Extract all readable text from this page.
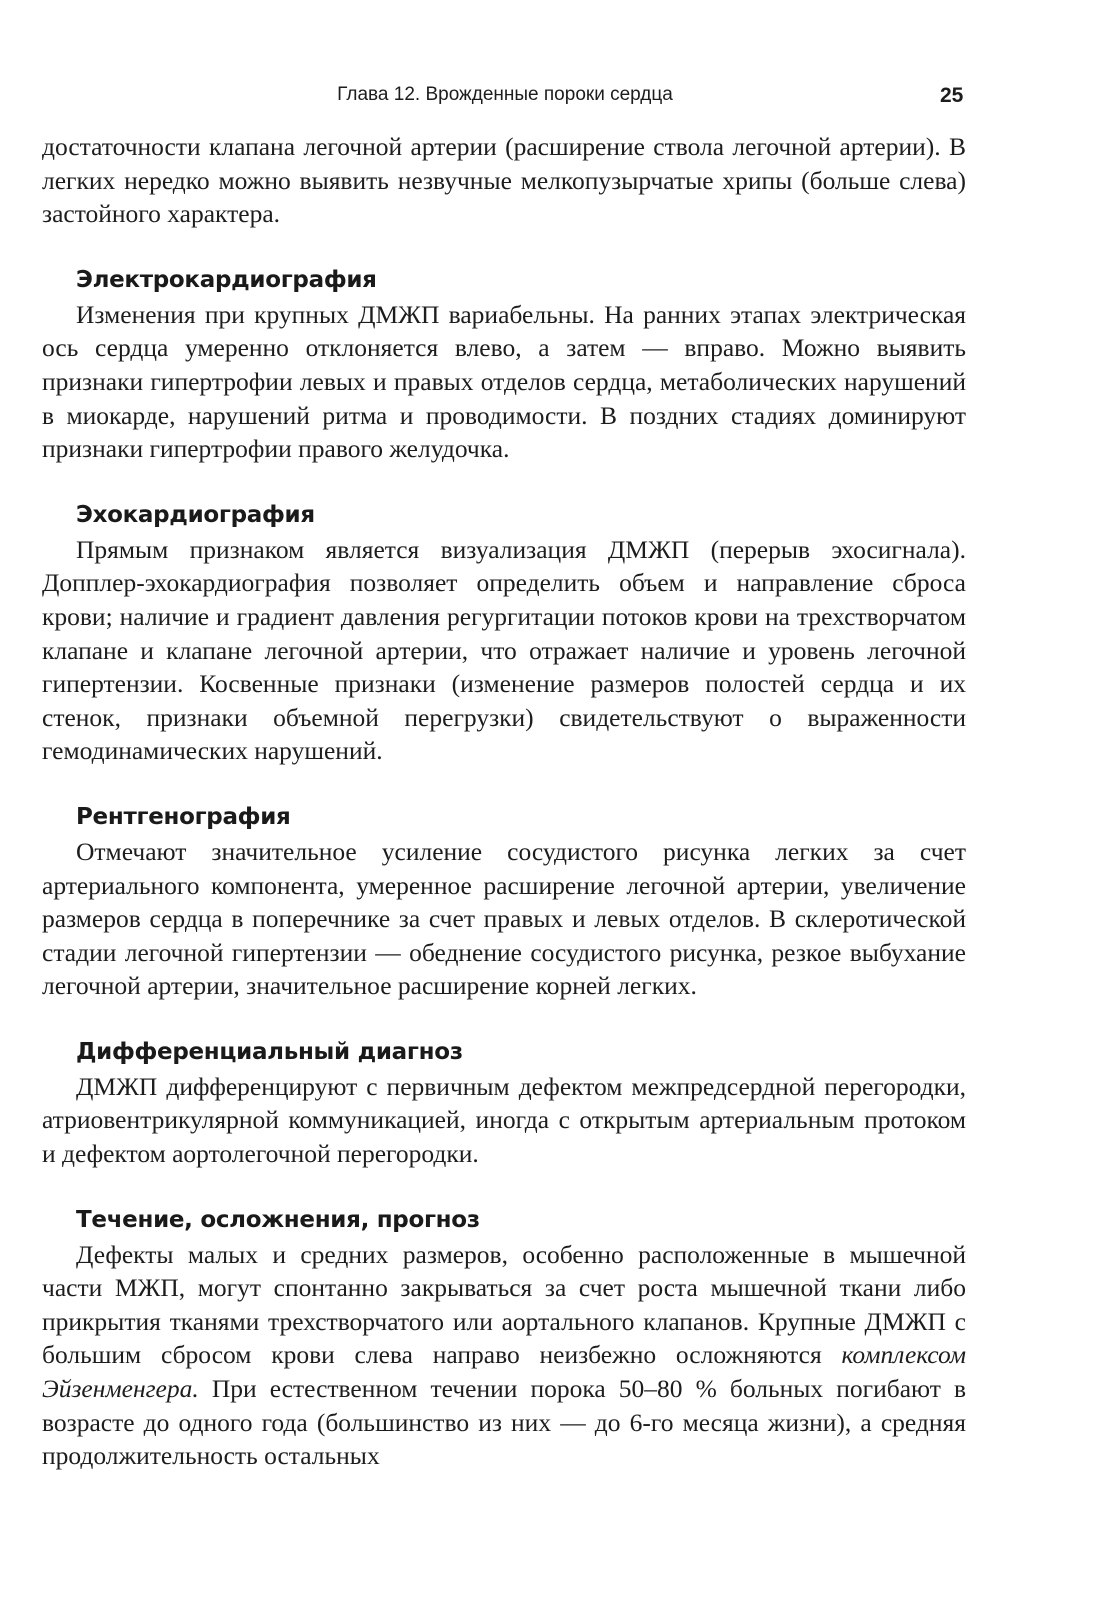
Глава 12. Врожденные пороки сердца	25

достаточности клапана легочной артерии (расширение ствола легочной артерии). В легких нередко можно выявить незвучные мелкопузырчатые хрипы (больше слева) застойного характера.

Электрокардиография

Изменения при крупных ДМЖП вариабельны. На ранних этапах электрическая ось сердца умеренно отклоняется влево, а затем — вправо. Можно выявить признаки гипертрофии левых и правых отделов сердца, метаболических нарушений в миокарде, нарушений ритма и проводимости. В поздних стадиях доминируют признаки гипертрофии правого желудочка.

Эхокардиография

Прямым признаком является визуализация ДМЖП (перерыв эхосигнала). Допплер-эхокардиография позволяет определить объем и направление сброса крови; наличие и градиент давления регургитации потоков крови на трехстворчатом клапане и клапане легочной артерии, что отражает наличие и уровень легочной гипертензии. Косвенные признаки (изменение размеров полостей сердца и их стенок, признаки объемной перегрузки) свидетельствуют о выраженности гемодинамических нарушений.

Рентгенография

Отмечают значительное усиление сосудистого рисунка легких за счет артериального компонента, умеренное расширение легочной артерии, увеличение размеров сердца в поперечнике за счет правых и левых отделов. В склеротической стадии легочной гипертензии — обеднение сосудистого рисунка, резкое выбухание легочной артерии, значительное расширение корней легких.

Дифференциальный диагноз

ДМЖП дифференцируют с первичным дефектом межпредсердной перегородки, атриовентрикулярной коммуникацией, иногда с открытым артериальным протоком и дефектом аортолегочной перегородки.

Течение, осложнения, прогноз

Дефекты малых и средних размеров, особенно расположенные в мышечной части МЖП, могут спонтанно закрываться за счет роста мышечной ткани либо прикрытия тканями трехстворчатого или аортального клапанов. Крупные ДМЖП с большим сбросом крови слева направо неизбежно осложняются комплексом Эйзенменгера. При естественном течении порока 50–80 % больных погибают в возрасте до одного года (большинство из них — до 6-го месяца жизни), а средняя продолжительность остальных
